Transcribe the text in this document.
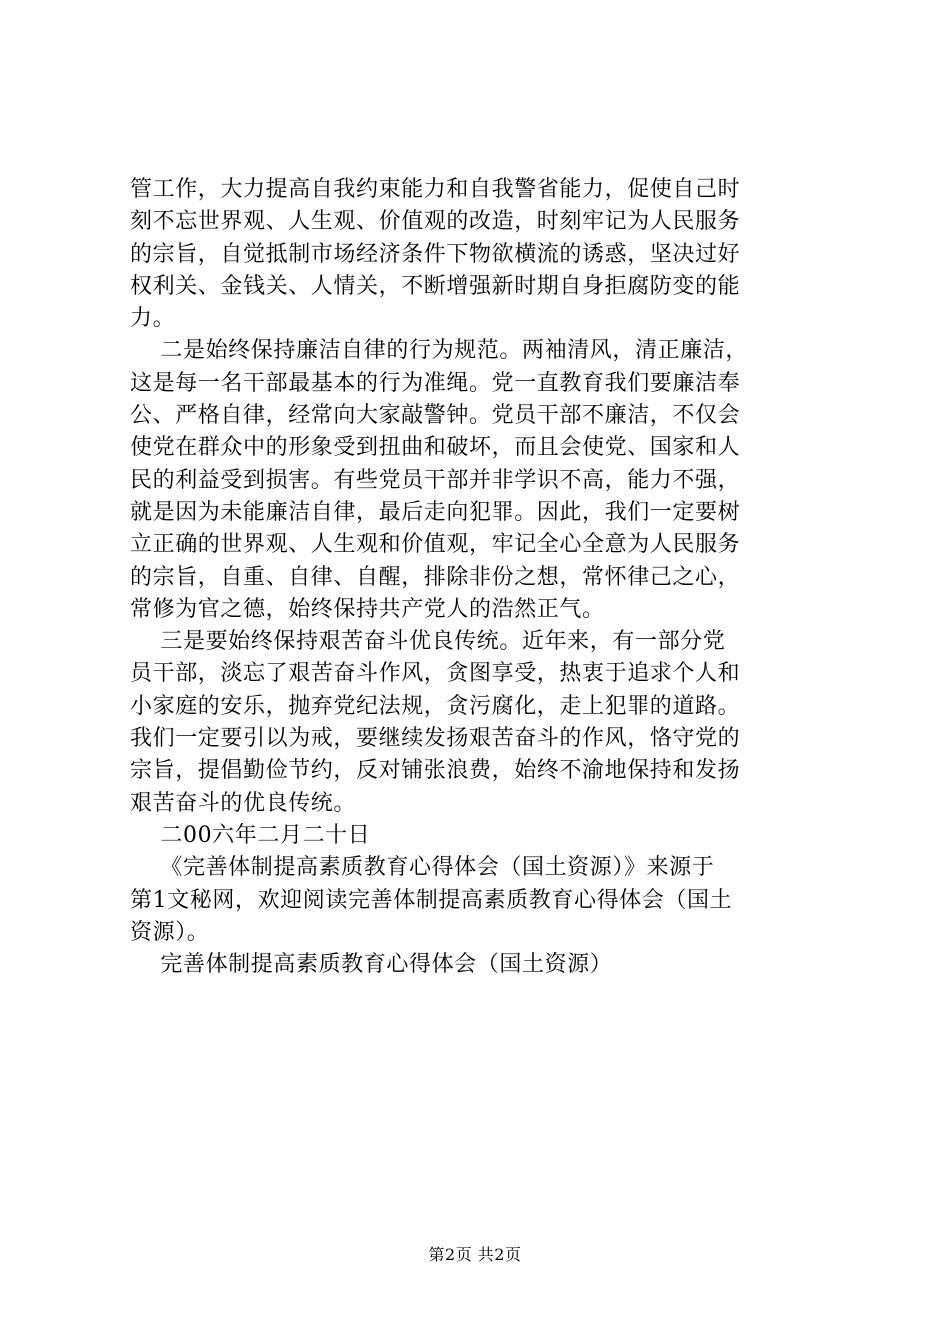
管工作，大力提高自我约束能力和自我警省能力，促使自己时

刻不忘世界观、人生观、价值观的改造，时刻牢记为人民服务

的宗旨，自觉抵制市场经济条件下物欲横流的诱惑，坚决过好

权利关、金钱关、人情关，不断增强新时期自身拒腐防变的能

力。

二是始终保持廉洁自律的行为规范。两袖清风，清正廉洁，

这是每一名干部最基本的行为准绳。党一直教育我们要廉洁奉

公、严格自律，经常向大家敲警钟。党员干部不廉洁，不仅会

使党在群众中的形象受到扭曲和破坏，而且会使党、国家和人

民的利益受到损害。有些党员干部并非学识不高，能力不强，

就是因为未能廉洁自律，最后走向犯罪。因此，我们一定要树

立正确的世界观、人生观和价值观，牢记全心全意为人民服务

的宗旨，自重、自律、自醒，排除非份之想，常怀律己之心，

常修为官之德，始终保持共产党人的浩然正气。

三是要始终保持艰苦奋斗优良传统。近年来，有一部分党

员干部，淡忘了艰苦奋斗作风，贪图享受，热衷于追求个人和

小家庭的安乐，抛弃党纪法规，贪污腐化，走上犯罪的道路。

我们一定要引以为戒，要继续发扬艰苦奋斗的作风，恪守党的

宗旨，提倡勤俭节约，反对铺张浪费，始终不渝地保持和发扬

艰苦奋斗的优良传统。

二00六年二月二十日

《完善体制提高素质教育心得体会（国土资源）》来源于

第1文秘网，欢迎阅读完善体制提高素质教育心得体会（国土

资源）。

完善体制提高素质教育心得体会（国土资源）

第2页 共2页
